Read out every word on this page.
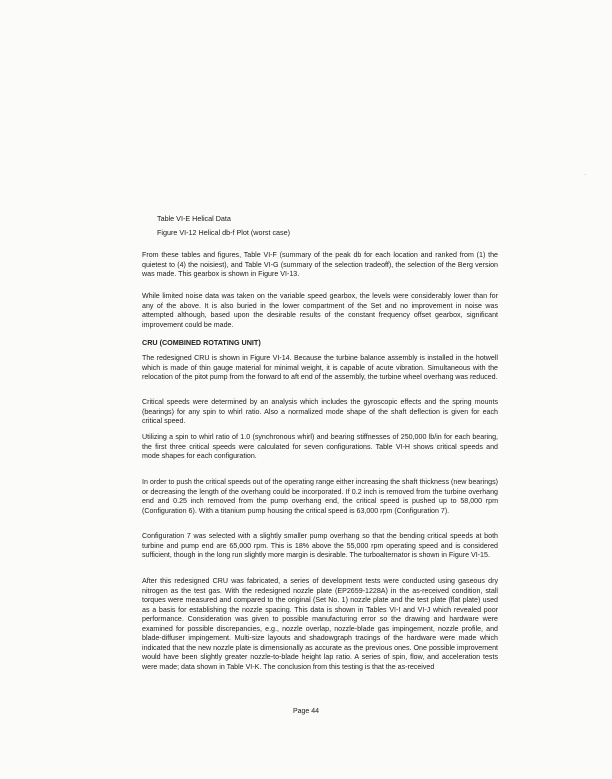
Table VI-E Helical Data

Figure VI-12 Helical db-f Plot (worst case)

From these tables and figures, Table VI-F (summary of the peak db for each location and ranked from (1) the quietest to (4) the noisiest), and Table VI-G (summary of the selection tradeoff), the selection of the Berg version was made. This gearbox is shown in Figure VI-13.

While limited noise data was taken on the variable speed gearbox, the levels were considerably lower than for any of the above. It is also buried in the lower compartment of the Set and no improvement in noise was attempted although, based upon the desirable results of the constant frequency offset gearbox, significant improvement could be made.

CRU (COMBINED ROTATING UNIT)

The redesigned CRU is shown in Figure VI-14. Because the turbine balance assembly is installed in the hotwell which is made of thin gauge material for minimal weight, it is capable of acute vibration. Simultaneous with the relocation of the pitot pump from the forward to aft end of the assembly, the turbine wheel overhang was reduced.

Critical speeds were determined by an analysis which includes the gyroscopic effects and the spring mounts (bearings) for any spin to whirl ratio. Also a normalized mode shape of the shaft deflection is given for each critical speed.

Utilizing a spin to whirl ratio of 1.0 (synchronous whirl) and bearing stiffnesses of 250,000 lb/in for each bearing, the first three critical speeds were calculated for seven configurations. Table VI-H shows critical speeds and mode shapes for each configuration.

In order to push the critical speeds out of the operating range either increasing the shaft thickness (new bearings) or decreasing the length of the overhang could be incorporated. If 0.2 inch is removed from the turbine overhang end and 0.25 inch removed from the pump overhang end, the critical speed is pushed up to 58,000 rpm (Configuration 6). With a titanium pump housing the critical speed is 63,000 rpm (Configuration 7).

Configuration 7 was selected with a slightly smaller pump overhang so that the bending critical speeds at both turbine and pump end are 65,000 rpm. This is 18% above the 55,000 rpm operating speed and is considered sufficient, though in the long run slightly more margin is desirable. The turboalternator is shown in Figure VI-15.

After this redesigned CRU was fabricated, a series of development tests were conducted using gaseous dry nitrogen as the test gas. With the redesigned nozzle plate (EP2659-1228A) in the as-received condition, stall torques were measured and compared to the original (Set No. 1) nozzle plate and the test plate (flat plate) used as a basis for establishing the nozzle spacing. This data is shown in Tables VI-I and VI-J which revealed poor performance. Consideration was given to possible manufacturing error so the drawing and hardware were examined for possible discrepancies, e.g., nozzle overlap, nozzle-blade gas impingement, nozzle profile, and blade-diffuser impingement. Multi-size layouts and shadowgraph tracings of the hardware were made which indicated that the new nozzle plate is dimensionally as accurate as the previous ones. One possible improvement would have been slightly greater nozzle-to-blade height lap ratio. A series of spin, flow, and acceleration tests were made; data shown in Table VI-K. The conclusion from this testing is that the as-received

Page 44

·
